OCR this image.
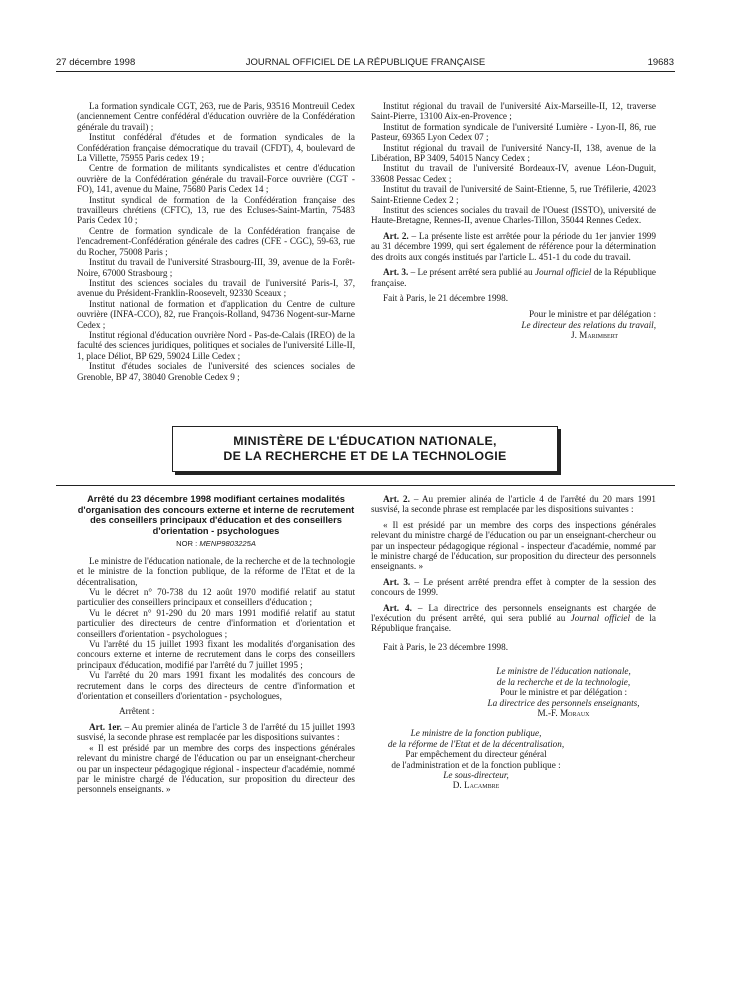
27 décembre 1998	JOURNAL OFFICIEL DE LA RÉPUBLIQUE FRANÇAISE	19683

La formation syndicale CGT, 263, rue de Paris, 93516 Montreuil Cedex (anciennement Centre confédéral d'éducation ouvrière de la Confédération générale du travail) ;

Institut confédéral d'études et de formation syndicales de la Confédération française démocratique du travail (CFDT), 4, boulevard de La Villette, 75955 Paris cedex 19 ;

Centre de formation de militants syndicalistes et centre d'éducation ouvrière de la Confédération générale du travail-Force ouvrière (CGT - FO), 141, avenue du Maine, 75680 Paris Cedex 14 ;

Institut syndical de formation de la Confédération française des travailleurs chrétiens (CFTC), 13, rue des Ecluses-Saint-Martin, 75483 Paris Cedex 10 ;

Centre de formation syndicale de la Confédération française de l'encadrement-Confédération générale des cadres (CFE - CGC), 59-63, rue du Rocher, 75008 Paris ;

Institut du travail de l'université Strasbourg-III, 39, avenue de la Forêt-Noire, 67000 Strasbourg ;

Institut des sciences sociales du travail de l'université Paris-I, 37, avenue du Président-Franklin-Roosevelt, 92330 Sceaux ;

Institut national de formation et d'application du Centre de culture ouvrière (INFA-CCO), 82, rue François-Rolland, 94736 Nogent-sur-Marne Cedex ;

Institut régional d'éducation ouvrière Nord - Pas-de-Calais (IREO) de la faculté des sciences juridiques, politiques et sociales de l'université Lille-II, 1, place Déliot, BP 629, 59024 Lille Cedex ;

Institut d'études sociales de l'université des sciences sociales de Grenoble, BP 47, 38040 Grenoble Cedex 9 ;

Institut régional du travail de l'université Aix-Marseille-II, 12, traverse Saint-Pierre, 13100 Aix-en-Provence ;

Institut de formation syndicale de l'université Lumière - Lyon-II, 86, rue Pasteur, 69365 Lyon Cedex 07 ;

Institut régional du travail de l'université Nancy-II, 138, avenue de la Libération, BP 3409, 54015 Nancy Cedex ;

Institut du travail de l'université Bordeaux-IV, avenue Léon-Duguit, 33608 Pessac Cedex ;

Institut du travail de l'université de Saint-Etienne, 5, rue Tréfilerie, 42023 Saint-Etienne Cedex 2 ;

Institut des sciences sociales du travail de l'Ouest (ISSTO), université de Haute-Bretagne, Rennes-II, avenue Charles-Tillon, 35044 Rennes Cedex.

Art. 2. – La présente liste est arrêtée pour la période du 1er janvier 1999 au 31 décembre 1999, qui sert également de référence pour la détermination des droits aux congés institués par l'article L. 451-1 du code du travail.

Art. 3. – Le présent arrêté sera publié au Journal officiel de la République française.

Fait à Paris, le 21 décembre 1998.

Pour le ministre et par délégation :

Le directeur des relations du travail,

J. Marimbert

MINISTÈRE DE L'ÉDUCATION NATIONALE,
DE LA RECHERCHE ET DE LA TECHNOLOGIE

Arrêté du 23 décembre 1998 modifiant certaines modalités d'organisation des concours externe et interne de recrutement des conseillers principaux d'éducation et des conseillers d'orientation - psychologues

NOR : MENP9803225A

Le ministre de l'éducation nationale, de la recherche et de la technologie et le ministre de la fonction publique, de la réforme de l'Etat et de la décentralisation,

Vu le décret n° 70-738 du 12 août 1970 modifié relatif au statut particulier des conseillers principaux et conseillers d'éducation ;

Vu le décret n° 91-290 du 20 mars 1991 modifié relatif au statut particulier des directeurs de centre d'information et d'orientation et conseillers d'orientation - psychologues ;

Vu l'arrêté du 15 juillet 1993 fixant les modalités d'organisation des concours externe et interne de recrutement dans le corps des conseillers principaux d'éducation, modifié par l'arrêté du 7 juillet 1995 ;

Vu l'arrêté du 20 mars 1991 fixant les modalités des concours de recrutement dans le corps des directeurs de centre d'information et d'orientation et conseillers d'orientation - psychologues,

Arrêtent :

Art. 1er. – Au premier alinéa de l'article 3 de l'arrêté du 15 juillet 1993 susvisé, la seconde phrase est remplacée par les dispositions suivantes :

« Il est présidé par un membre des corps des inspections générales relevant du ministre chargé de l'éducation ou par un enseignant-chercheur ou par un inspecteur pédagogique régional - inspecteur d'académie, nommé par le ministre chargé de l'éducation, sur proposition du directeur des personnels enseignants. »

Art. 2. – Au premier alinéa de l'article 4 de l'arrêté du 20 mars 1991 susvisé, la seconde phrase est remplacée par les dispositions suivantes :

« Il est présidé par un membre des corps des inspections générales relevant du ministre chargé de l'éducation ou par un enseignant-chercheur ou par un inspecteur pédagogique régional - inspecteur d'académie, nommé par le ministre chargé de l'éducation, sur proposition du directeur des personnels enseignants. »

Art. 3. – Le présent arrêté prendra effet à compter de la session des concours de 1999.

Art. 4. – La directrice des personnels enseignants est chargée de l'exécution du présent arrêté, qui sera publié au Journal officiel de la République française.

Fait à Paris, le 23 décembre 1998.

Le ministre de l'éducation nationale,

de la recherche et de la technologie,

Pour le ministre et par délégation :

La directrice des personnels enseignants,

M.-F. Moraux

Le ministre de la fonction publique,

de la réforme de l'Etat et de la décentralisation,

Par empêchement du directeur général

de l'administration et de la fonction publique :

Le sous-directeur,

D. Lacambre
